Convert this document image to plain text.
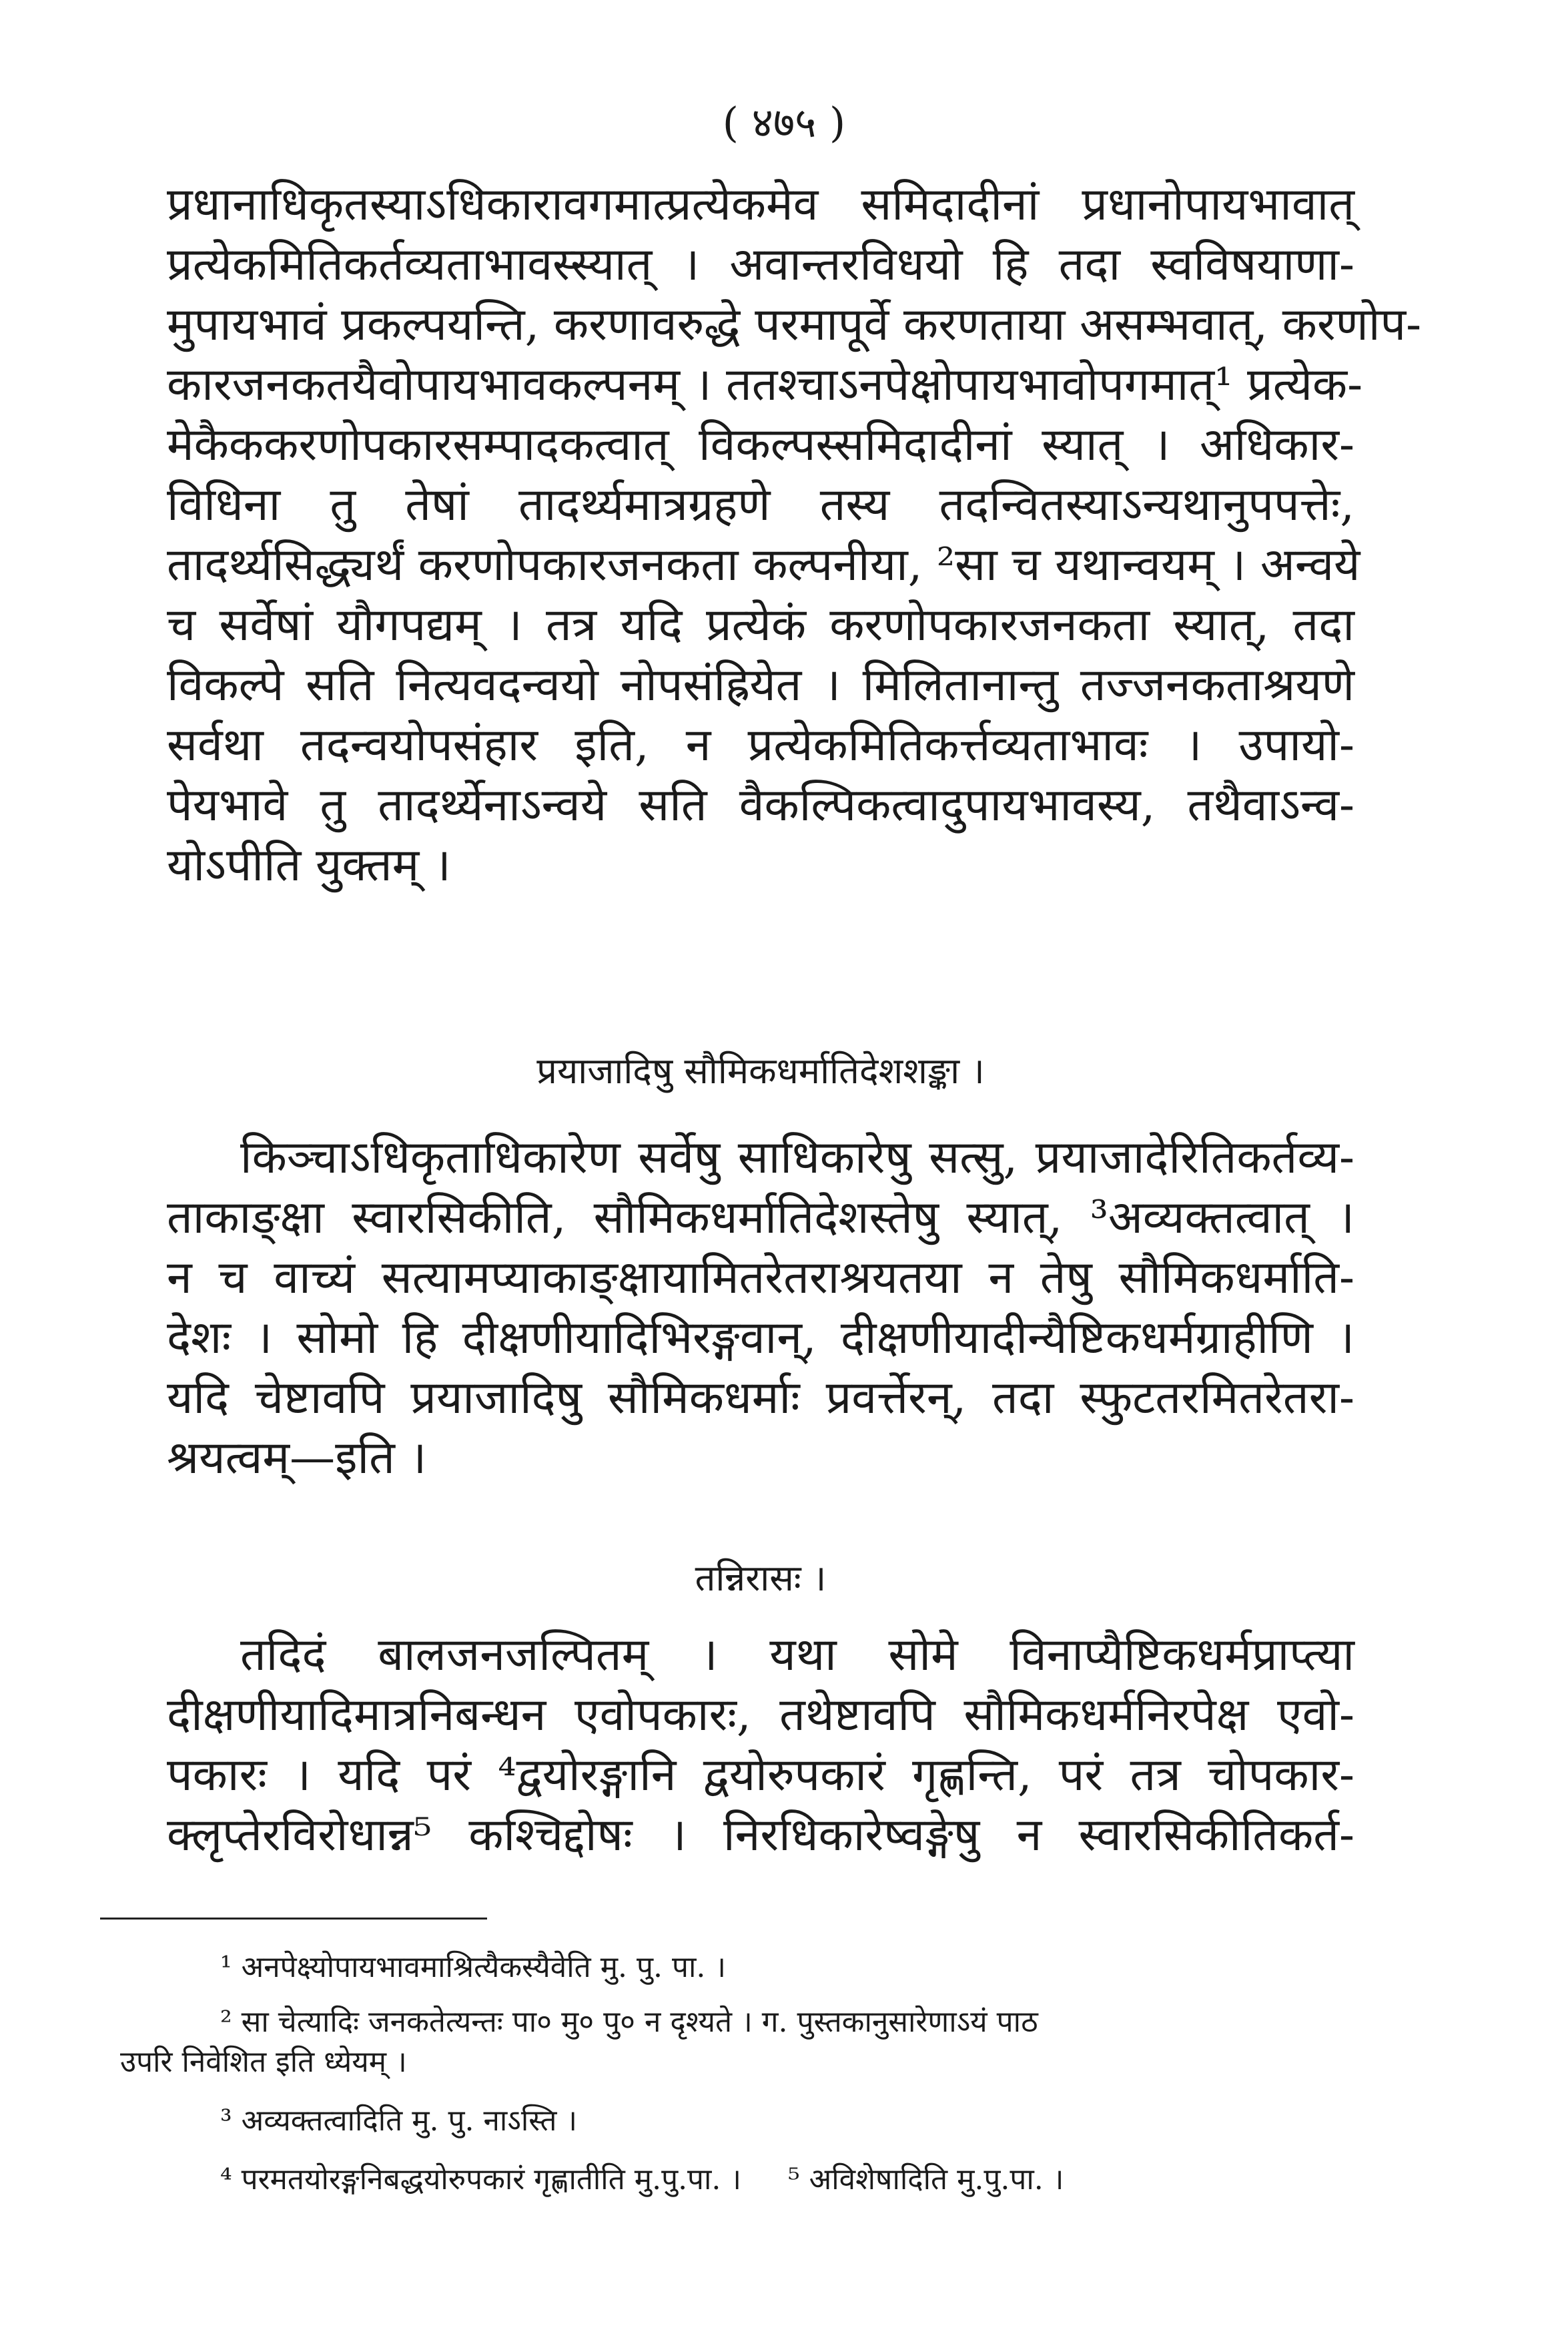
( ४७५ )
प्रधानाधिकृतस्याऽधिकारावगमात्प्रत्येकमेव समिदादीनां प्रधानोपायभावात्
प्रत्येकमितिकर्तव्यताभावस्स्यात् । अवान्तरविधयो हि तदा स्वविषयाणा-
मुपायभावं प्रकल्पयन्ति, करणावरुद्धे परमापूर्वे करणताया असम्भवात्, करणोप-
कारजनकतयैवोपायभावकल्पनम् । ततश्चाऽनपेक्षोपायभावोपगमात्¹ प्रत्येक-
मेकैककरणोपकारसम्पादकत्वात् विकल्पस्समिदादीनां स्यात् । अधिकार-
विधिना तु तेषां तादर्थ्यमात्रग्रहणे तस्य तदन्वितस्याऽन्यथानुपपत्तेः,
तादर्थ्यसिद्ध्यर्थं करणोपकारजनकता कल्पनीया, ²सा च यथान्वयम् । अन्वये
च सर्वेषां यौगपद्यम् । तत्र यदि प्रत्येकं करणोपकारजनकता स्यात्, तदा
विकल्पे सति नित्यवदन्वयो नोपसंह्रियेत । मिलितानान्तु तज्जनकताश्रयणे
सर्वथा तदन्वयोपसंहार इति, न प्रत्येकमितिकर्त्तव्यताभावः । उपायो-
पेयभावे तु तादर्थ्येनाऽन्वये सति वैकल्पिकत्वादुपायभावस्य, तथैवाऽन्व-
योऽपीति युक्तम् ।
प्रयाजादिषु सौमिकधर्मातिदेशशङ्का ।
किञ्चाऽधिकृताधिकारेण सर्वेषु साधिकारेषु सत्सु, प्रयाजादेरितिकर्तव्य-
ताकाङ्क्षा स्वारसिकीति, सौमिकधर्मातिदेशस्तेषु स्यात्, ³अव्यक्तत्वात् ।
न च वाच्यं सत्यामप्याकाङ्क्षायामितरेतराश्रयतया न तेषु सौमिकधर्माति-
देशः । सोमो हि दीक्षणीयादिभिरङ्गवान्, दीक्षणीयादीन्यैष्टिकधर्मग्राहीणि ।
यदि चेष्टावपि प्रयाजादिषु सौमिकधर्माः प्रवर्त्तेरन्, तदा स्फुटतरमितरेतरा-
श्रयत्वम्—इति ।
तन्निरासः ।
तदिदं बालजनजल्पितम् । यथा सोमे विनाप्यैष्टिकधर्मप्राप्त्या
दीक्षणीयादिमात्रनिबन्धन एवोपकारः, तथेष्टावपि सौमिकधर्मनिरपेक्ष एवो-
पकारः । यदि परं ⁴द्वयोरङ्गानि द्वयोरुपकारं गृह्णन्ति, परं तत्र चोपकार-
क्लृप्तेरविरोधान्न⁵ कश्चिद्दोषः । निरधिकारेष्वङ्गेषु न स्वारसिकीतिकर्त-
¹ अनपेक्ष्योपायभावमाश्रित्यैकस्यैवेति मु. पु. पा. ।
² सा चेत्यादिः जनकतेत्यन्तः पा० मु० पु० न दृश्यते । ग. पुस्तकानुसारेणाऽयं पाठ
उपरि निवेशित इति ध्येयम् ।
³ अव्यक्तत्वादिति मु. पु. नाऽस्ति ।
⁴ परमतयोरङ्गनिबद्धयोरुपकारं गृह्णातीति मु.पु.पा. ।     ⁵ अविशेषादिति मु.पु.पा. ।
